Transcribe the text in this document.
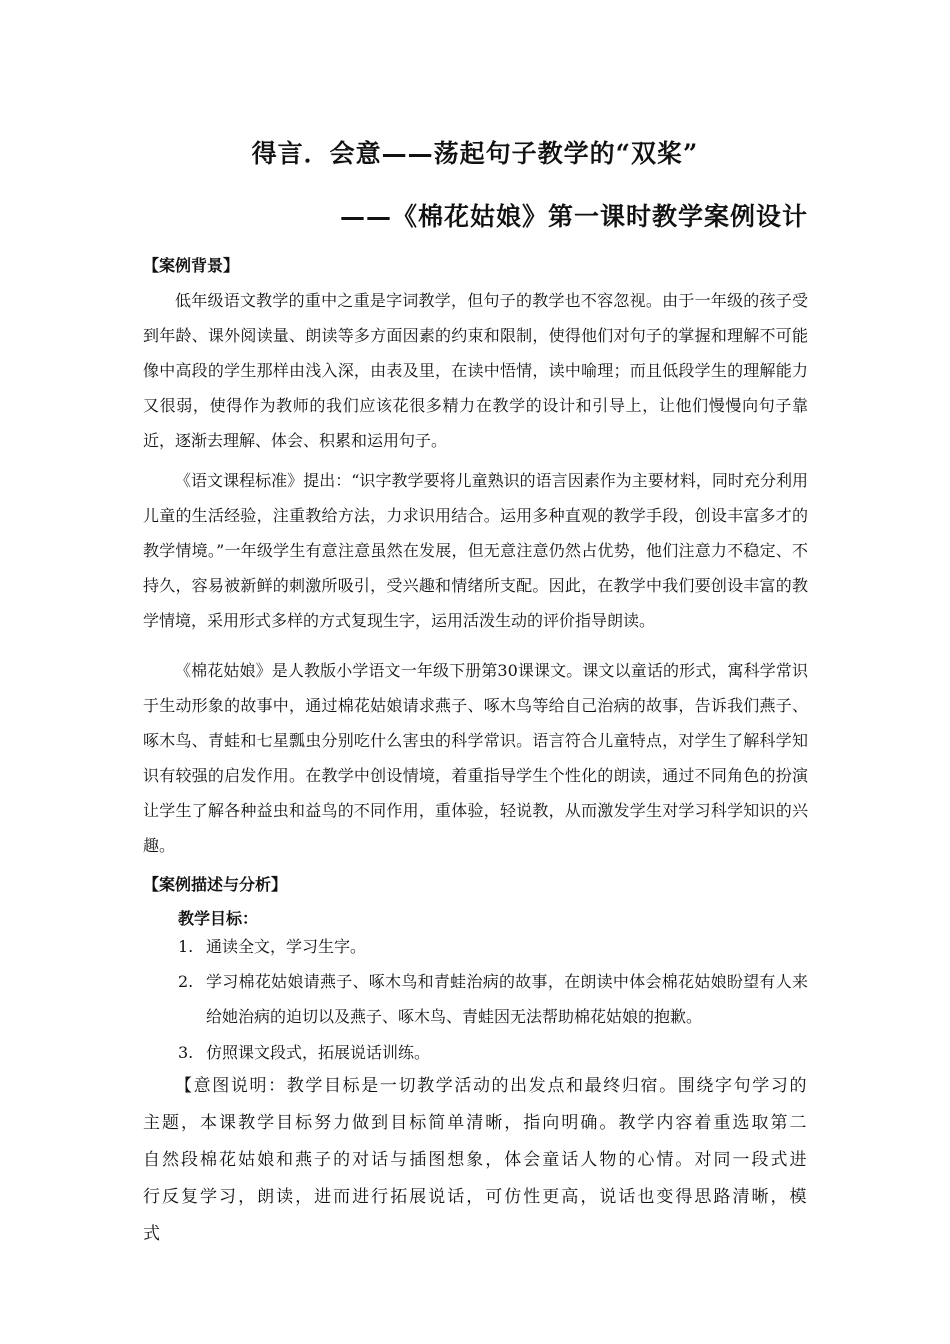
得言．会意——荡起句子教学的“双桨”
——《棉花姑娘》第一课时教学案例设计
【案例背景】

低年级语文教学的重中之重是字词教学，但句子的教学也不容忽视。由于一年级的孩子受到年龄、课外阅读量、朗读等多方面因素的约束和限制，使得他们对句子的掌握和理解不可能像中高段的学生那样由浅入深，由表及里，在读中悟情，读中喻理；而且低段学生的理解能力又很弱，使得作为教师的我们应该花很多精力在教学的设计和引导上，让他们慢慢向句子靠近，逐渐去理解、体会、积累和运用句子。

《语文课程标准》提出：“识字教学要将儿童熟识的语言因素作为主要材料，同时充分利用儿童的生活经验，注重教给方法，力求识用结合。运用多种直观的教学手段，创设丰富多才的教学情境。”一年级学生有意注意虽然在发展，但无意注意仍然占优势，他们注意力不稳定、不持久，容易被新鲜的刺激所吸引，受兴趣和情绪所支配。因此，在教学中我们要创设丰富的教学情境，采用形式多样的方式复现生字，运用活泼生动的评价指导朗读。

《棉花姑娘》是人教版小学语文一年级下册第30课课文。课文以童话的形式，寓科学常识于生动形象的故事中，通过棉花姑娘请求燕子、啄木鸟等给自己治病的故事，告诉我们燕子、啄木鸟、青蛙和七星瓢虫分别吃什么害虫的科学常识。语言符合儿童特点，对学生了解科学知识有较强的启发作用。在教学中创设情境，着重指导学生个性化的朗读，通过不同角色的扮演让学生了解各种益虫和益鸟的不同作用，重体验，轻说教，从而激发学生对学习科学知识的兴趣。

【案例描述与分析】
教学目标：
1. 通读全文，学习生字。
2. 学习棉花姑娘请燕子、啄木鸟和青蛙治病的故事，在朗读中体会棉花姑娘盼望有人来给她治病的迫切以及燕子、啄木鸟、青蛙因无法帮助棉花姑娘的抱歉。
3. 仿照课文段式，拓展说话训练。

【意图说明：教学目标是一切教学活动的出发点和最终归宿。围绕字句学习的主题，本课教学目标努力做到目标简单清晰，指向明确。教学内容着重选取第二自然段棉花姑娘和燕子的对话与插图想象，体会童话人物的心情。对同一段式进行反复学习，朗读，进而进行拓展说话，可仿性更高，说话也变得思路清晰，模式
